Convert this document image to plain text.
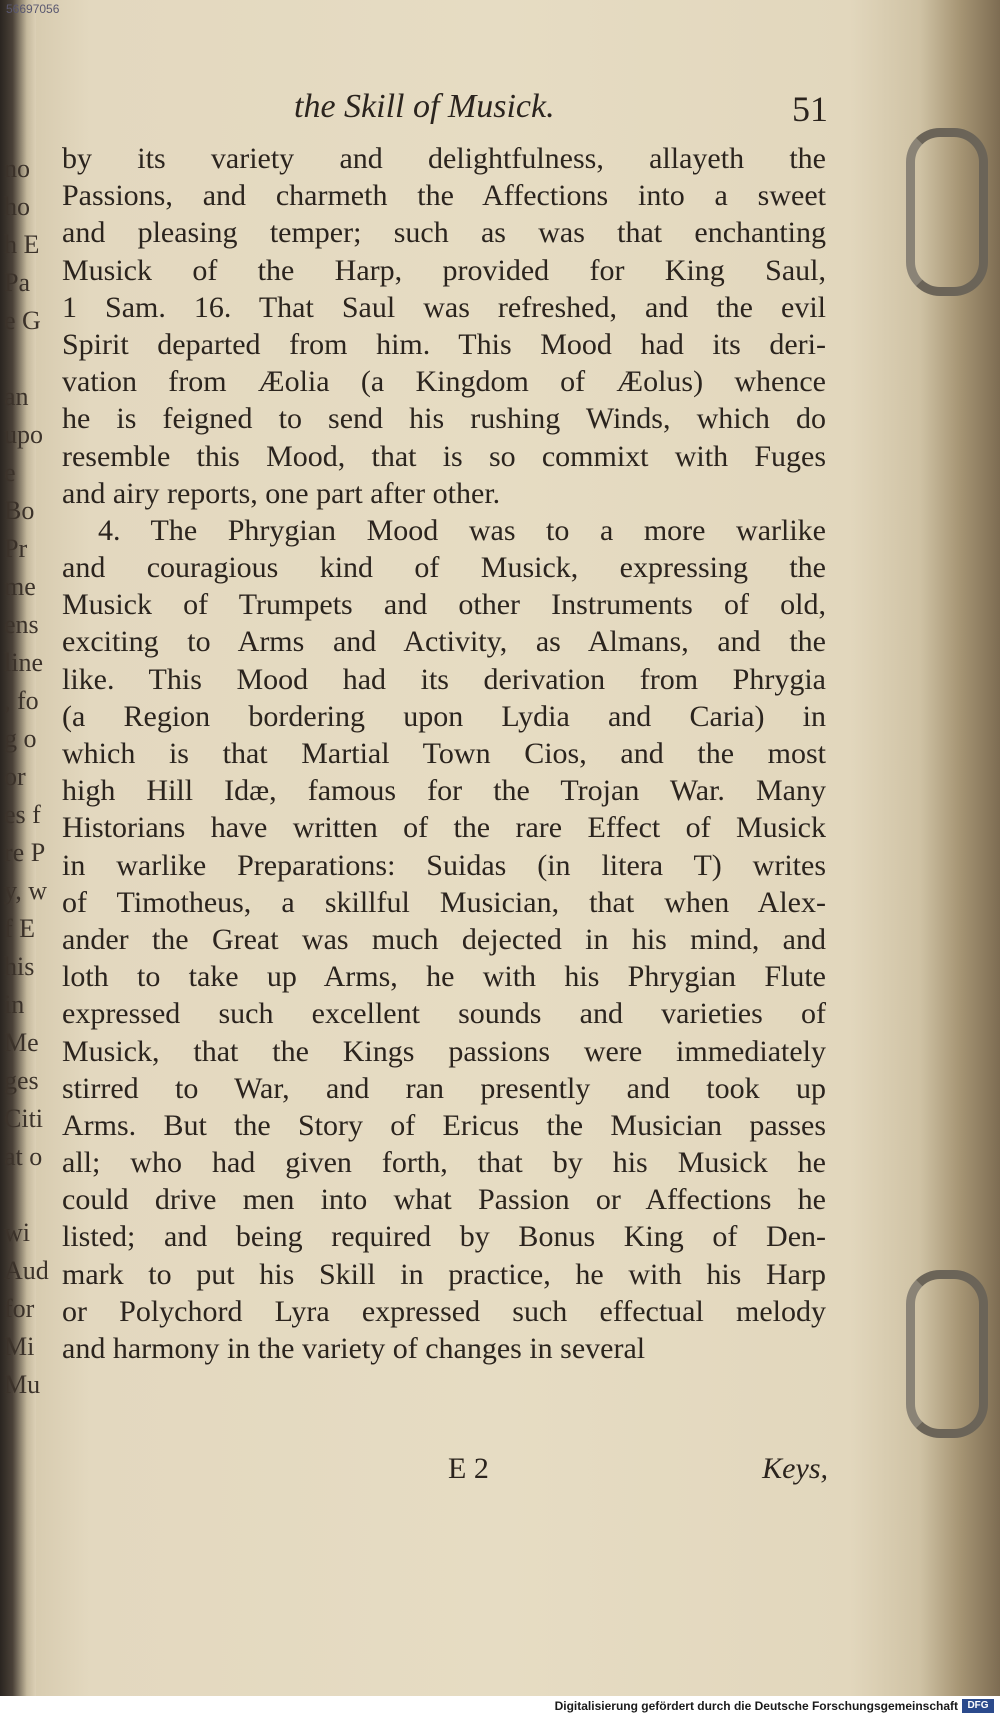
no
ho
h E
Pa
e G

an
upo
e
Bo
Pr
me
ens
line
, fo
g o
or
es f
re P
y, w
f E
his
in
Me
ges
Citi
at

wi
Aud
for
Mi
Mu
56697056
the Skill of Musick.	51
by its variety and delightfulness, allayeth the
Passions, and charmeth the Affections into a sweet
and pleasing temper; such as was that enchanting
Musick of the Harp, provided for King Saul,
1 Sam. 16. That Saul was refreshed, and the evil
Spirit departed from him. This Mood had its deri-
vation from Æolia (a Kingdom of Æolus) whence
he is feigned to send his rushing Winds, which do
resemble this Mood, that is so commixt with Fuges
and airy reports, one part after other.
4. The Phrygian Mood was to a more warlike
and couragious kind of Musick, expressing the
Musick of Trumpets and other Instruments of old,
exciting to Arms and Activity, as Almans, and the
like. This Mood had its derivation from Phrygia
(a Region bordering upon Lydia and Caria) in
which is that Martial Town Cios, and the most
high Hill Idæ, famous for the Trojan War. Many
Historians have written of the rare Effect of Musick
in warlike Preparations: Suidas (in litera T) writes
of Timotheus, a skillful Musician, that when Alex-
ander the Great was much dejected in his mind, and
loth to take up Arms, he with his Phrygian Flute
expressed such excellent sounds and varieties of
Musick, that the Kings passions were immediately
stirred to War, and ran presently and took up
Arms. But the Story of Ericus the Musician passes
all; who had given forth, that by his Musick he
could drive men into what Passion or Affections he
listed; and being required by Bonus King of Den-
mark to put his Skill in practice, he with his Harp
or Polychord Lyra expressed such effectual melody
and harmony in the variety of changes in several
E 2	Keys,
Digitalisierung gefördert durch die Deutsche Forschungsgemeinschaft DFG
